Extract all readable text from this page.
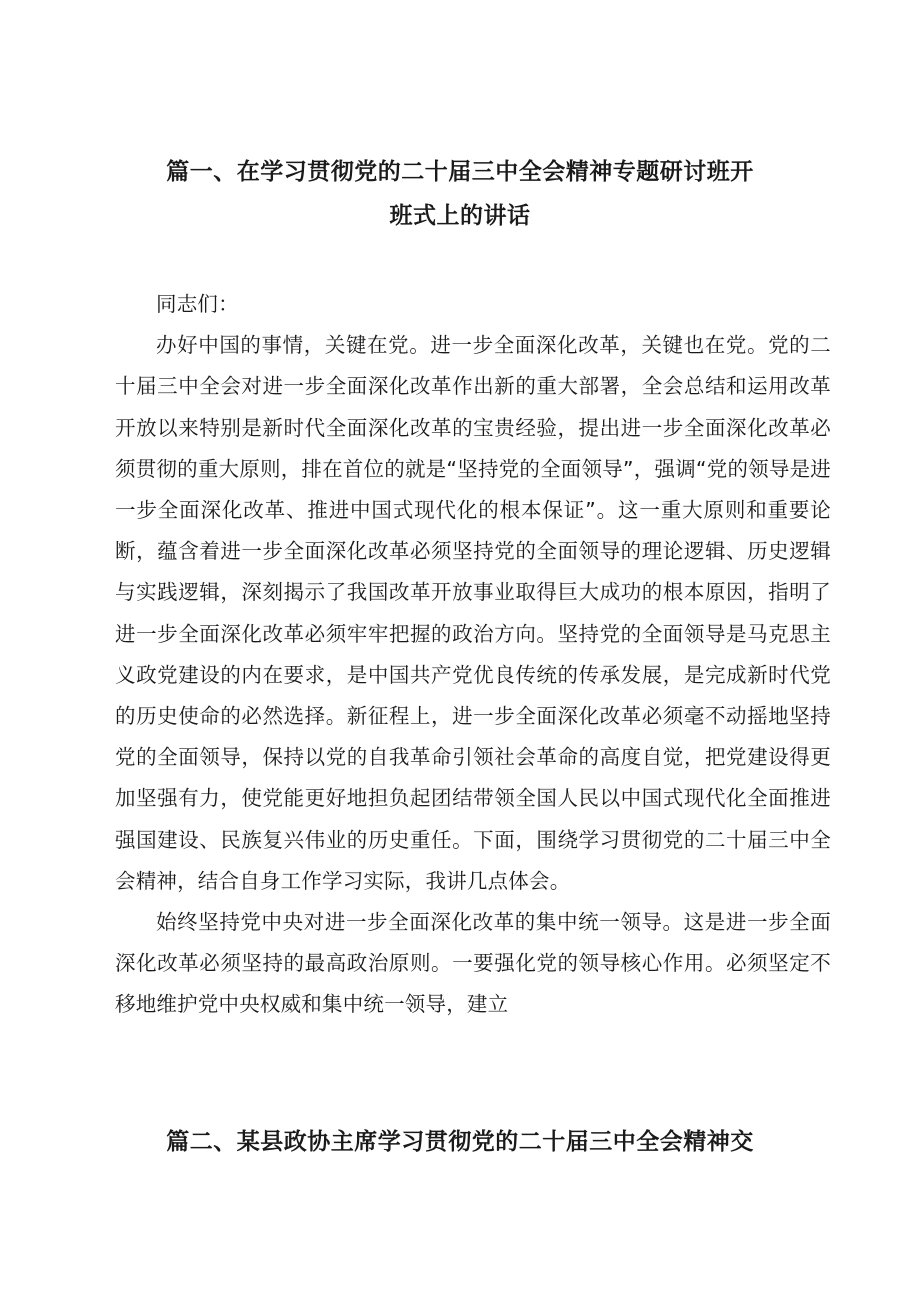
篇一、在学习贯彻党的二十届三中全会精神专题研讨班开
班式上的讲话

同志们：

办好中国的事情，关键在党。进一步全面深化改革，关键也在党。党的二十届三中全会对进一步全面深化改革作出新的重大部署，全会总结和运用改革开放以来特别是新时代全面深化改革的宝贵经验，提出进一步全面深化改革必须贯彻的重大原则，排在首位的就是“坚持党的全面领导”，强调“党的领导是进一步全面深化改革、推进中国式现代化的根本保证”。这一重大原则和重要论断，蕴含着进一步全面深化改革必须坚持党的全面领导的理论逻辑、历史逻辑与实践逻辑，深刻揭示了我国改革开放事业取得巨大成功的根本原因，指明了进一步全面深化改革必须牢牢把握的政治方向。坚持党的全面领导是马克思主义政党建设的内在要求，是中国共产党优良传统的传承发展，是完成新时代党的历史使命的必然选择。新征程上，进一步全面深化改革必须毫不动摇地坚持党的全面领导，保持以党的自我革命引领社会革命的高度自觉，把党建设得更加坚强有力，使党能更好地担负起团结带领全国人民以中国式现代化全面推进强国建设、民族复兴伟业的历史重任。下面，围绕学习贯彻党的二十届三中全会精神，结合自身工作学习实际，我讲几点体会。

始终坚持党中央对进一步全面深化改革的集中统一领导。这是进一步全面深化改革必须坚持的最高政治原则。一要强化党的领导核心作用。必须坚定不移地维护党中央权威和集中统一领导，建立

篇二、某县政协主席学习贯彻党的二十届三中全会精神交
